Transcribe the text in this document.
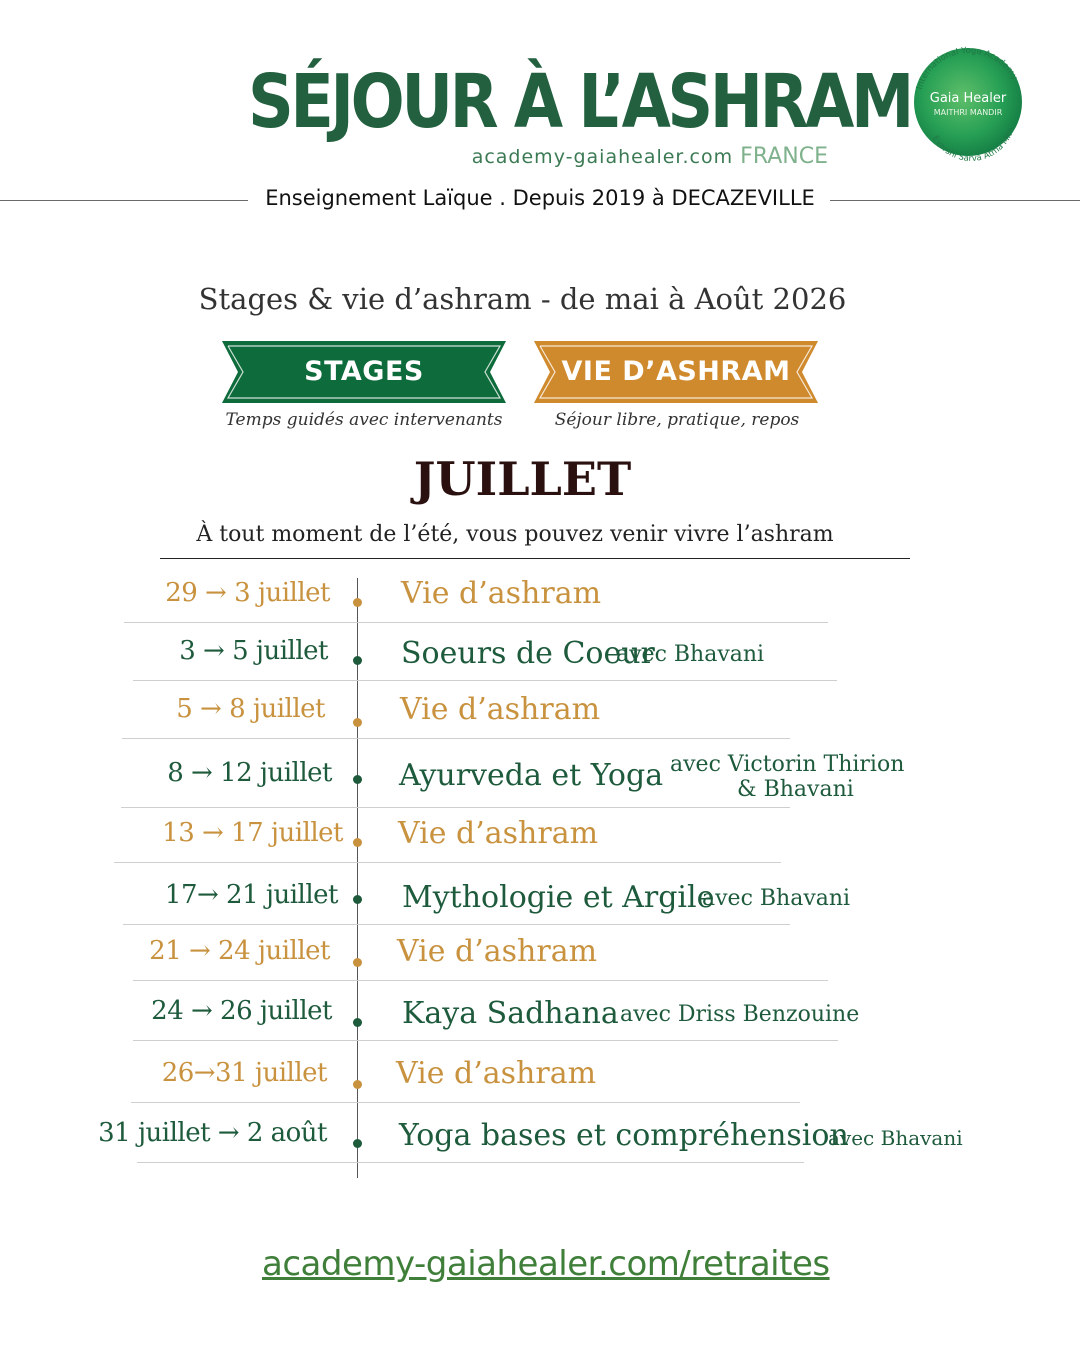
SÉJOUR À L’ASHRAM
academy-gaiahealer.com FRANCE
International Yoga Academy
Gaia Healer
MAITHRI MANDIR
Evarshi Sarva Atma Mith
Enseignement Laïque . Depuis 2019 à DECAZEVILLE
Stages & vie d’ashram - de mai à Août 2026
STAGES	VIE D’ASHRAM
Temps guidés avec intervenants	Séjour libre, pratique, repos
JUILLET
À tout moment de l’été, vous pouvez venir vivre l’ashram
29 → 3 juillet Vie d’ashram
3 → 5 juillet Soeurs de Coeur
avec Bhavani
5 → 8 juillet	Vie d’ashram
8 → 12 juillet Ayurveda et Yoga avec Victorin Thirion
& Bhavani
13 → 17 juillet Vie d’ashram
17→ 21 juillet Mythologie et Argile
avec Bhavani
21 → 24 juillet Vie d’ashram
24 → 26 juillet Kaya Sadhana avec Driss Benzouine
26→31 juillet Vie d’ashram
31 juillet → 2 août Yoga bases et compréhension
avec Bhavani
academy-gaiahealer.com/retraites
